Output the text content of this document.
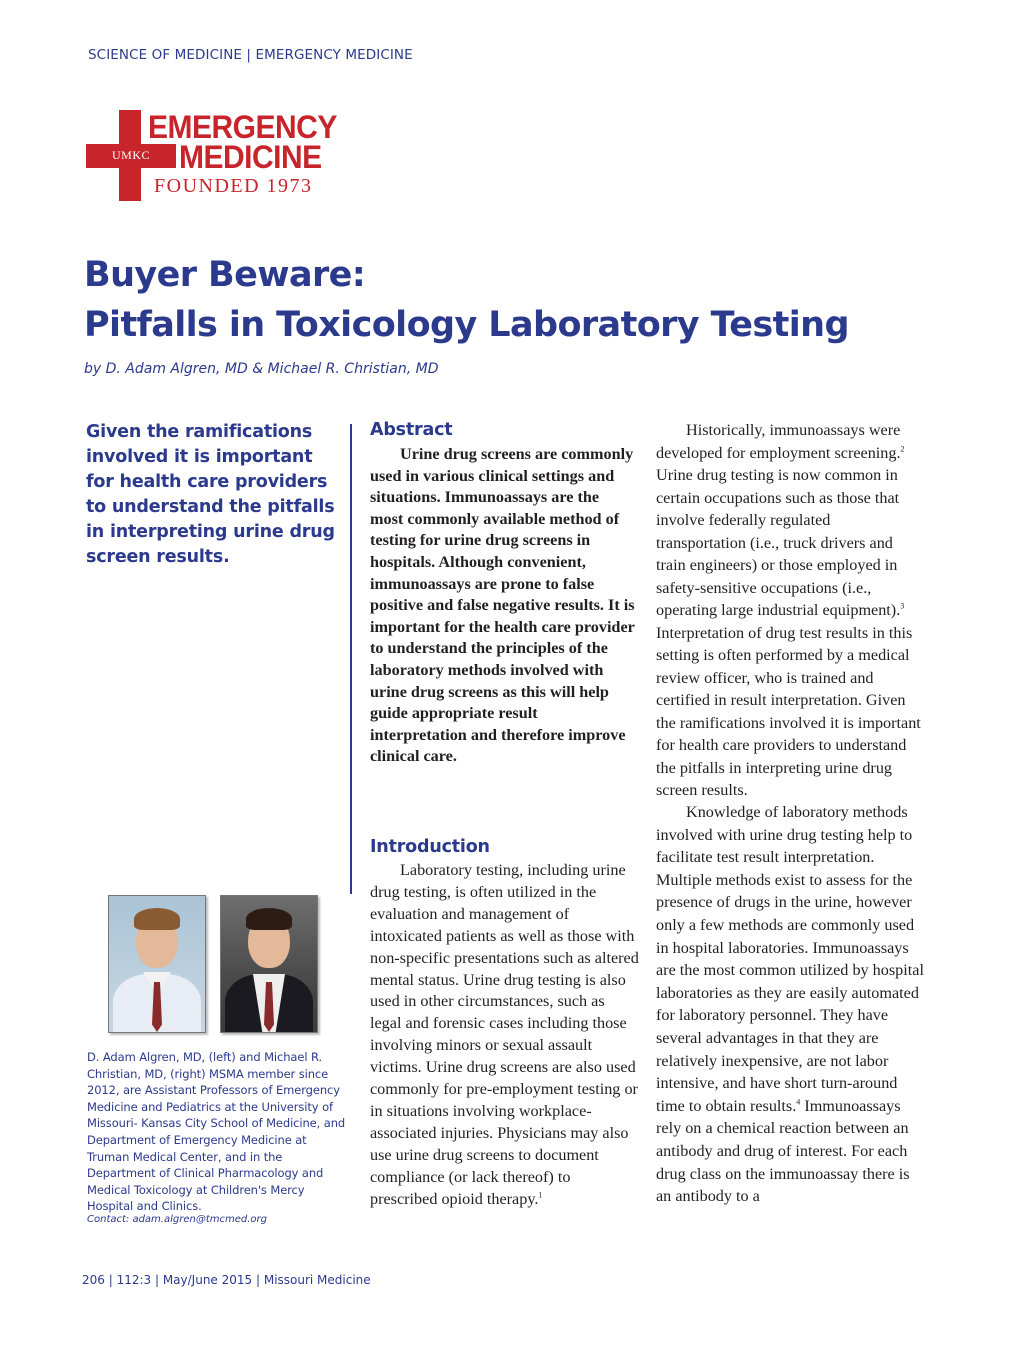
SCIENCE OF MEDICINE | EMERGENCY MEDICINE
UMKC
EMERGENCY
MEDICINE
FOUNDED 1973
Buyer Beware:
Pitfalls in Toxicology Laboratory Testing
by D. Adam Algren, MD & Michael R. Christian, MD
Given the ramifications involved it is important for health care providers to understand the pitfalls in interpreting urine drug screen results.
D. Adam Algren, MD, (left) and Michael R. Christian, MD, (right) MSMA member since 2012, are Assistant Professors of Emergency Medicine and Pediatrics at the University of Missouri- Kansas City School of Medicine, and Department of Emergency Medicine at Truman Medical Center, and in the Department of Clinical Pharmacology and Medical Toxicology at Children's Mercy Hospital and Clinics.
Contact: adam.algren@tmcmed.org
Abstract

Urine drug screens are commonly used in various clinical settings and situations. Immunoassays are the most commonly available method of testing for urine drug screens in hospitals. Although convenient, immunoassays are prone to false positive and false negative results. It is important for the health care provider to understand the principles of the laboratory methods involved with urine drug screens as this will help guide appropriate result interpretation and therefore improve clinical care.

Introduction

Laboratory testing, including urine drug testing, is often utilized in the evaluation and management of intoxicated patients as well as those with non-specific presentations such as altered mental status. Urine drug testing is also used in other circumstances, such as legal and forensic cases including those involving minors or sexual assault victims. Urine drug screens are also used commonly for pre-employment testing or in situations involving workplace-associated injuries. Physicians may also use urine drug screens to document compliance (or lack thereof) to prescribed opioid therapy.$^1$

Historically, immunoassays were developed for employment screening.$^2$ Urine drug testing is now common in certain occupations such as those that involve federally regulated transportation (i.e., truck drivers and train engineers) or those employed in safety-sensitive occupations (i.e., operating large industrial equipment).$^3$ Interpretation of drug test results in this setting is often performed by a medical review officer, who is trained and certified in result interpretation. Given the ramifications involved it is important for health care providers to understand the pitfalls in interpreting urine drug screen results.

Knowledge of laboratory methods involved with urine drug testing help to facilitate test result interpretation. Multiple methods exist to assess for the presence of drugs in the urine, however only a few methods are commonly used in hospital laboratories. Immunoassays are the most common utilized by hospital laboratories as they are easily automated for laboratory personnel. They have several advantages in that they are relatively inexpensive, are not labor intensive, and have short turn-around time to obtain results.$^4$ Immunoassays rely on a chemical reaction between an antibody and drug of interest. For each drug class on the immunoassay there is an antibody to a

206 | 112:3 | May/June 2015 | Missouri Medicine
